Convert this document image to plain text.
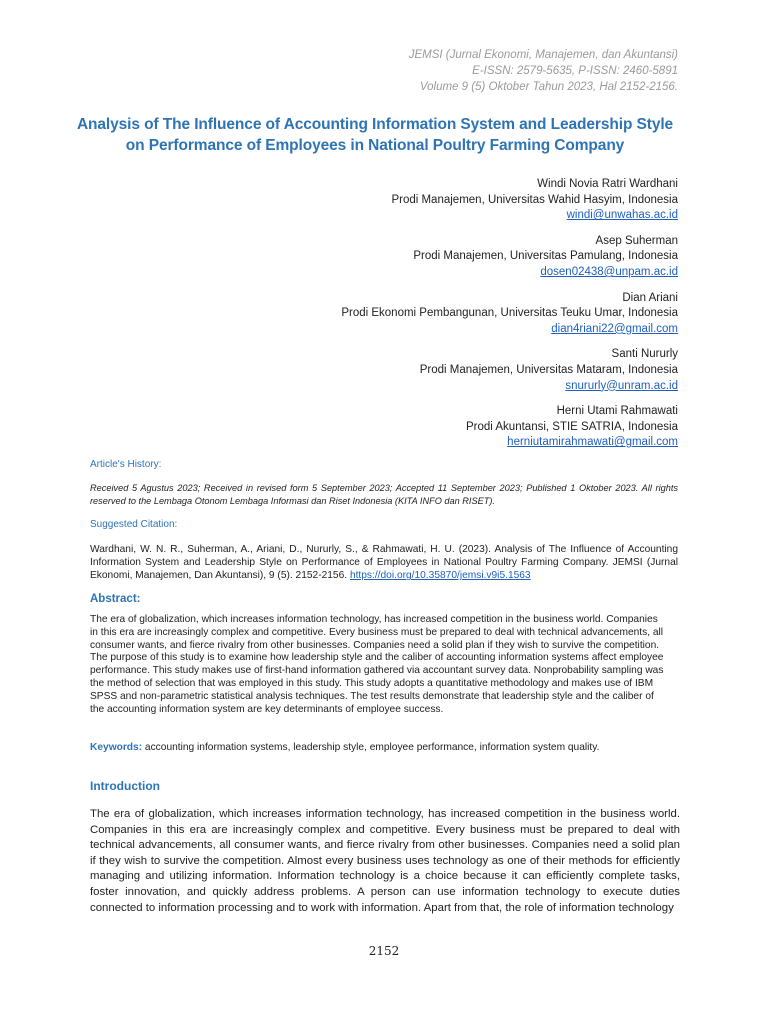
JEMSI (Jurnal Ekonomi, Manajemen, dan Akuntansi)
E-ISSN: 2579-5635, P-ISSN: 2460-5891
Volume 9 (5) Oktober Tahun 2023, Hal 2152-2156.
Analysis of The Influence of Accounting Information System and Leadership Style
on Performance of Employees in National Poultry Farming Company
Windi Novia Ratri Wardhani
Prodi Manajemen, Universitas Wahid Hasyim, Indonesia
windi@unwahas.ac.id
Asep Suherman
Prodi Manajemen, Universitas Pamulang, Indonesia
dosen02438@unpam.ac.id
Dian Ariani
Prodi Ekonomi Pembangunan, Universitas Teuku Umar, Indonesia
dian4riani22@gmail.com
Santi Nururly
Prodi Manajemen, Universitas Mataram, Indonesia
snururly@unram.ac.id
Herni Utami Rahmawati
Prodi Akuntansi, STIE SATRIA, Indonesia
herniutamirahmawati@gmail.com
Article's History:
Received 5 Agustus 2023; Received in revised form 5 September 2023; Accepted 11 September 2023; Published 1 Oktober 2023. All rights reserved to the Lembaga Otonom Lembaga Informasi dan Riset Indonesia (KITA INFO dan RISET).
Suggested Citation:
Wardhani, W. N. R., Suherman, A., Ariani, D., Nururly, S., & Rahmawati, H. U. (2023). Analysis of The Influence of Accounting Information System and Leadership Style on Performance of Employees in National Poultry Farming Company. JEMSI (Jurnal Ekonomi, Manajemen, Dan Akuntansi), 9 (5). 2152-2156. https://doi.org/10.35870/jemsi.v9i5.1563
Abstract:
The era of globalization, which increases information technology, has increased competition in the business world. Companies
in this era are increasingly complex and competitive. Every business must be prepared to deal with technical advancements, all
consumer wants, and fierce rivalry from other businesses. Companies need a solid plan if they wish to survive the competition.
The purpose of this study is to examine how leadership style and the caliber of accounting information systems affect employee
performance. This study makes use of first-hand information gathered via accountant survey data. Nonprobability sampling was
the method of selection that was employed in this study. This study adopts a quantitative methodology and makes use of IBM
SPSS and non-parametric statistical analysis techniques. The test results demonstrate that leadership style and the caliber of
the accounting information system are key determinants of employee success.
Keywords: accounting information systems, leadership style, employee performance, information system quality.
Introduction
The era of globalization, which increases information technology, has increased competition in the business world. Companies in this era are increasingly complex and competitive. Every business must be prepared to deal with technical advancements, all consumer wants, and fierce rivalry from other businesses. Companies need a solid plan if they wish to survive the competition. Almost every business uses technology as one of their methods for efficiently managing and utilizing information. Information technology is a choice because it can efficiently complete tasks, foster innovation, and quickly address problems. A person can use information technology to execute duties connected to information processing and to work with information. Apart from that, the role of information technology
2152
